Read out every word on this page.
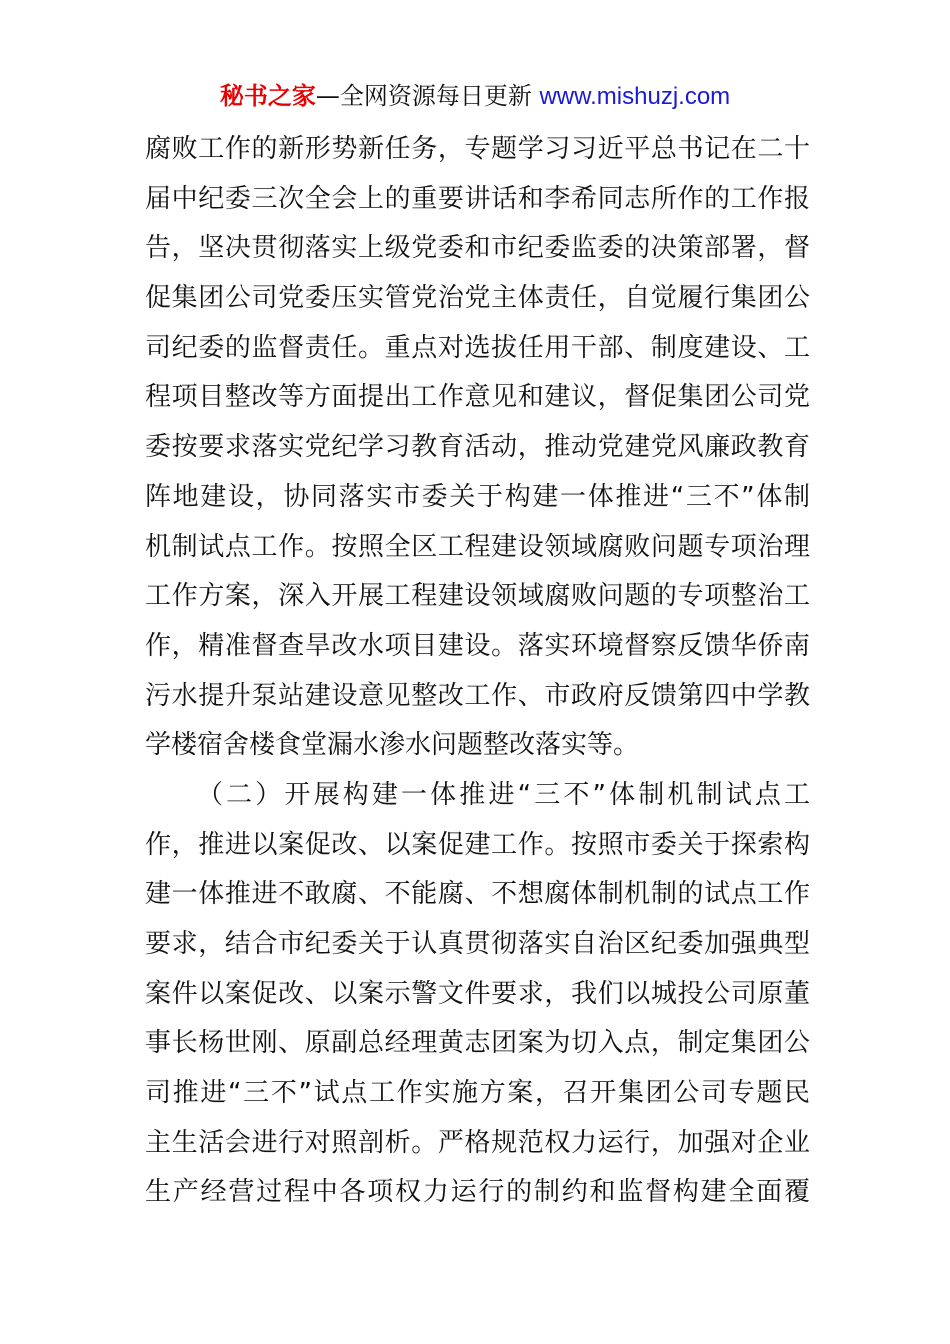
秘书之家—全网资源每日更新 www.mishuzj.com
腐败工作的新形势新任务，专题学习习近平总书记在二十
届中纪委三次全会上的重要讲话和李希同志所作的工作报
告，坚决贯彻落实上级党委和市纪委监委的决策部署，督
促集团公司党委压实管党治党主体责任，自觉履行集团公
司纪委的监督责任。重点对选拔任用干部、制度建设、工
程项目整改等方面提出工作意见和建议，督促集团公司党
委按要求落实党纪学习教育活动，推动党建党风廉政教育
阵地建设，协同落实市委关于构建一体推进“三不”体制
机制试点工作。按照全区工程建设领域腐败问题专项治理
工作方案，深入开展工程建设领域腐败问题的专项整治工
作，精准督查旱改水项目建设。落实环境督察反馈华侨南
污水提升泵站建设意见整改工作、市政府反馈第四中学教
学楼宿舍楼食堂漏水渗水问题整改落实等。
（二）开展构建一体推进“三不”体制机制试点工
作，推进以案促改、以案促建工作。按照市委关于探索构
建一体推进不敢腐、不能腐、不想腐体制机制的试点工作
要求，结合市纪委关于认真贯彻落实自治区纪委加强典型
案件以案促改、以案示警文件要求，我们以城投公司原董
事长杨世刚、原副总经理黄志团案为切入点，制定集团公
司推进“三不”试点工作实施方案，召开集团公司专题民
主生活会进行对照剖析。严格规范权力运行，加强对企业
生产经营过程中各项权力运行的制约和监督构建全面覆
